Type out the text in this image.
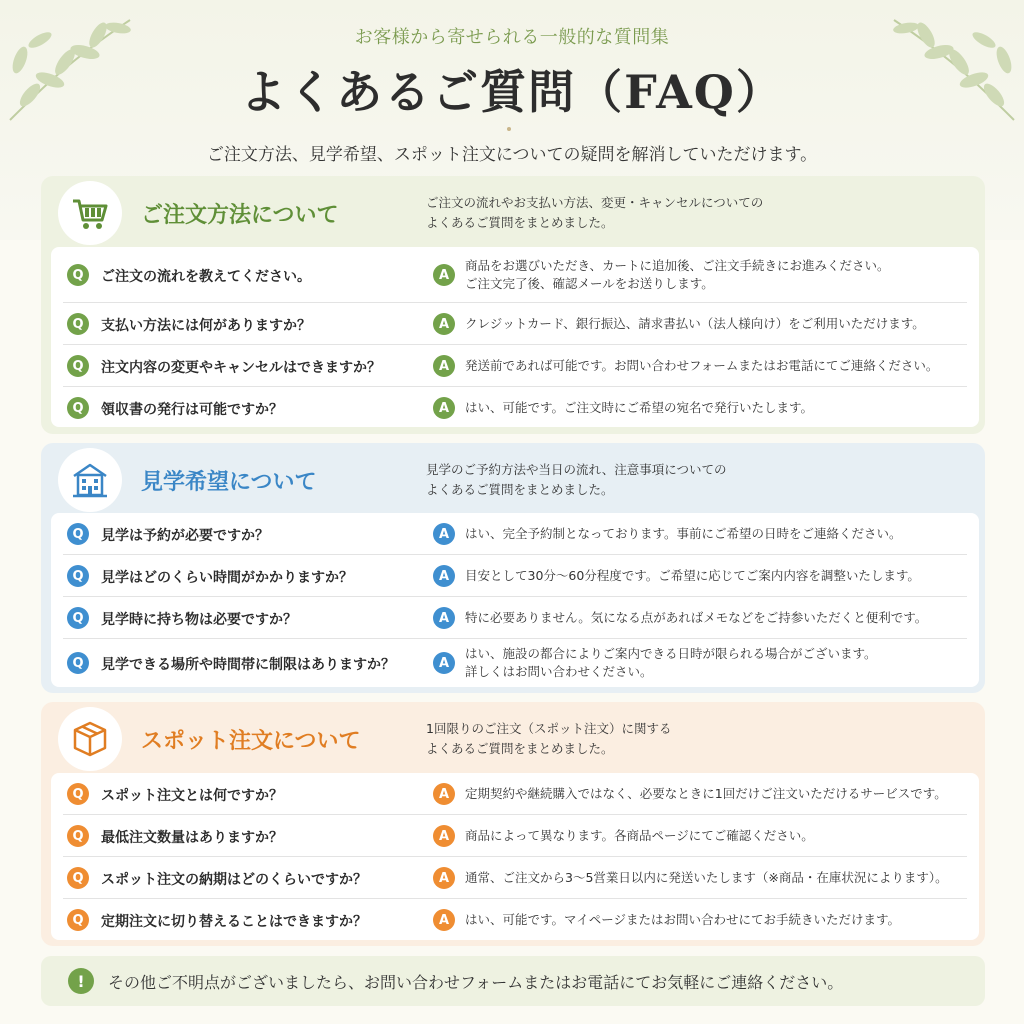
お客様から寄せられる一般的な質問集
よくあるご質問（FAQ）
ご注文方法、見学希望、スポット注文についての疑問を解消していただけます。
ご注文方法について
ご注文の流れやお支払い方法、変更・キャンセルについての
よくあるご質問をまとめました。
Q	ご注文の流れを教えてください。	A
商品をお選びいただき、カートに追加後、ご注文手続きにお進みください。
ご注文完了後、確認メールをお送りします。
Q	支払い方法には何がありますか？	A	クレジットカード、銀行振込、請求書払い（法人様向け）をご利用いただけます。
Q	注文内容の変更やキャンセルはできますか？	A	発送前であれば可能です。お問い合わせフォームまたはお電話にてご連絡ください。
Q	領収書の発行は可能ですか？	A	はい、可能です。ご注文時にご希望の宛名で発行いたします。
見学希望について
見学のご予約方法や当日の流れ、注意事項についての
よくあるご質問をまとめました。
Q	見学は予約が必要ですか？	A	はい、完全予約制となっております。事前にご希望の日時をご連絡ください。
Q	見学はどのくらい時間がかかりますか？	A	目安として30分〜60分程度です。ご希望に応じてご案内内容を調整いたします。
Q	見学時に持ち物は必要ですか？	A	特に必要ありません。気になる点があればメモなどをご持参いただくと便利です。
Q	見学できる場所や時間帯に制限はありますか？	A
はい、施設の都合によりご案内できる日時が限られる場合がございます。
詳しくはお問い合わせください。
スポット注文について
1回限りのご注文（スポット注文）に関する
よくあるご質問をまとめました。
Q	スポット注文とは何ですか？	A	定期契約や継続購入ではなく、必要なときに1回だけご注文いただけるサービスです。
Q	最低注文数量はありますか？	A	商品によって異なります。各商品ページにてご確認ください。
Q	スポット注文の納期はどのくらいですか？	A	通常、ご注文から3〜5営業日以内に発送いたします（※商品・在庫状況によります）。
Q	定期注文に切り替えることはできますか？	A	はい、可能です。マイページまたはお問い合わせにてお手続きいただけます。
!	その他ご不明点がございましたら、お問い合わせフォームまたはお電話にてお気軽にご連絡ください。
